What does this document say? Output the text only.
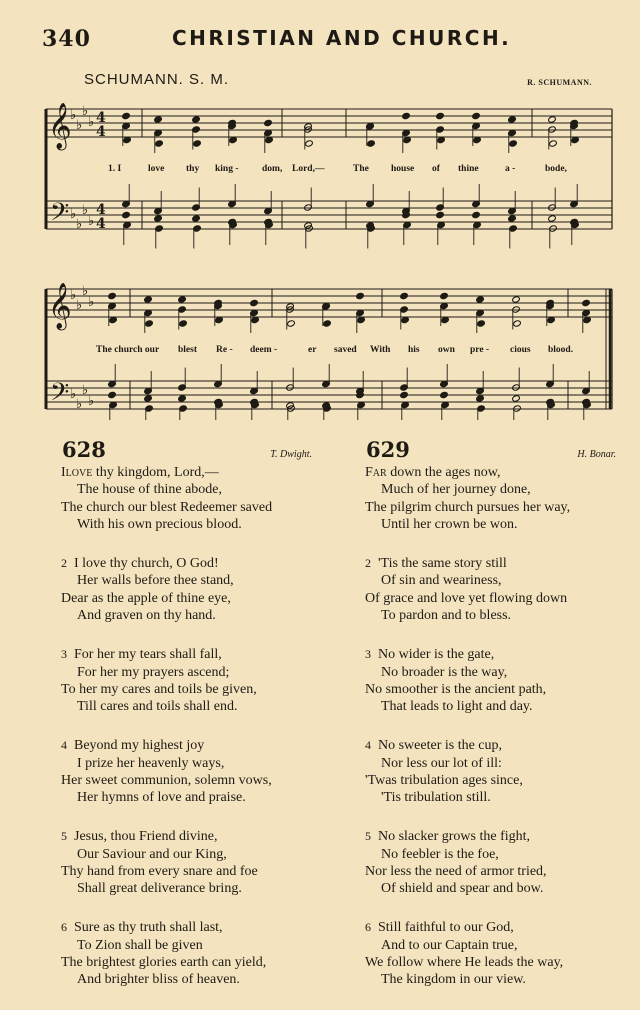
340	CHRISTIAN AND CHURCH.
SCHUMANN. S. M.	R. SCHUMANN.
𝄞
𝄢
♭
♭
♭
♭
♭
♭
♭
♭
4
4
4
4
𝄞
𝄢
♭
♭
♭
♭
♭
♭
♭
♭
1. I	love thy king - dom, Lord,—	The house of thine	a -	bode,
The church our blest Re - deem -	er saved With his own pre - cious blood.
628	T. Dwight.	629	H. Bonar.
Ilove thy kingdom, Lord,—
The house of thine abode,
The church our blest Redeemer saved
With his own precious blood.
2 I love thy church, O God!
Her walls before thee stand,
Dear as the apple of thine eye,
And graven on thy hand.
3 For her my tears shall fall,
For her my prayers ascend;
To her my cares and toils be given,
Till cares and toils shall end.
4 Beyond my highest joy
I prize her heavenly ways,
Her sweet communion, solemn vows,
Her hymns of love and praise.
5 Jesus, thou Friend divine,
Our Saviour and our King,
Thy hand from every snare and foe
Shall great deliverance bring.
6 Sure as thy truth shall last,
To Zion shall be given
The brightest glories earth can yield,
And brighter bliss of heaven.
Far down the ages now,
Much of her journey done,
The pilgrim church pursues her way,
Until her crown be won.
2 'Tis the same story still
Of sin and weariness,
Of grace and love yet flowing down
To pardon and to bless.
3 No wider is the gate,
No broader is the way,
No smoother is the ancient path,
That leads to light and day.
4 No sweeter is the cup,
Nor less our lot of ill:
'Twas tribulation ages since,
'Tis tribulation still.
5 No slacker grows the fight,
No feebler is the foe,
Nor less the need of armor tried,
Of shield and spear and bow.
6 Still faithful to our God,
And to our Captain true,
We follow where He leads the way,
The kingdom in our view.
